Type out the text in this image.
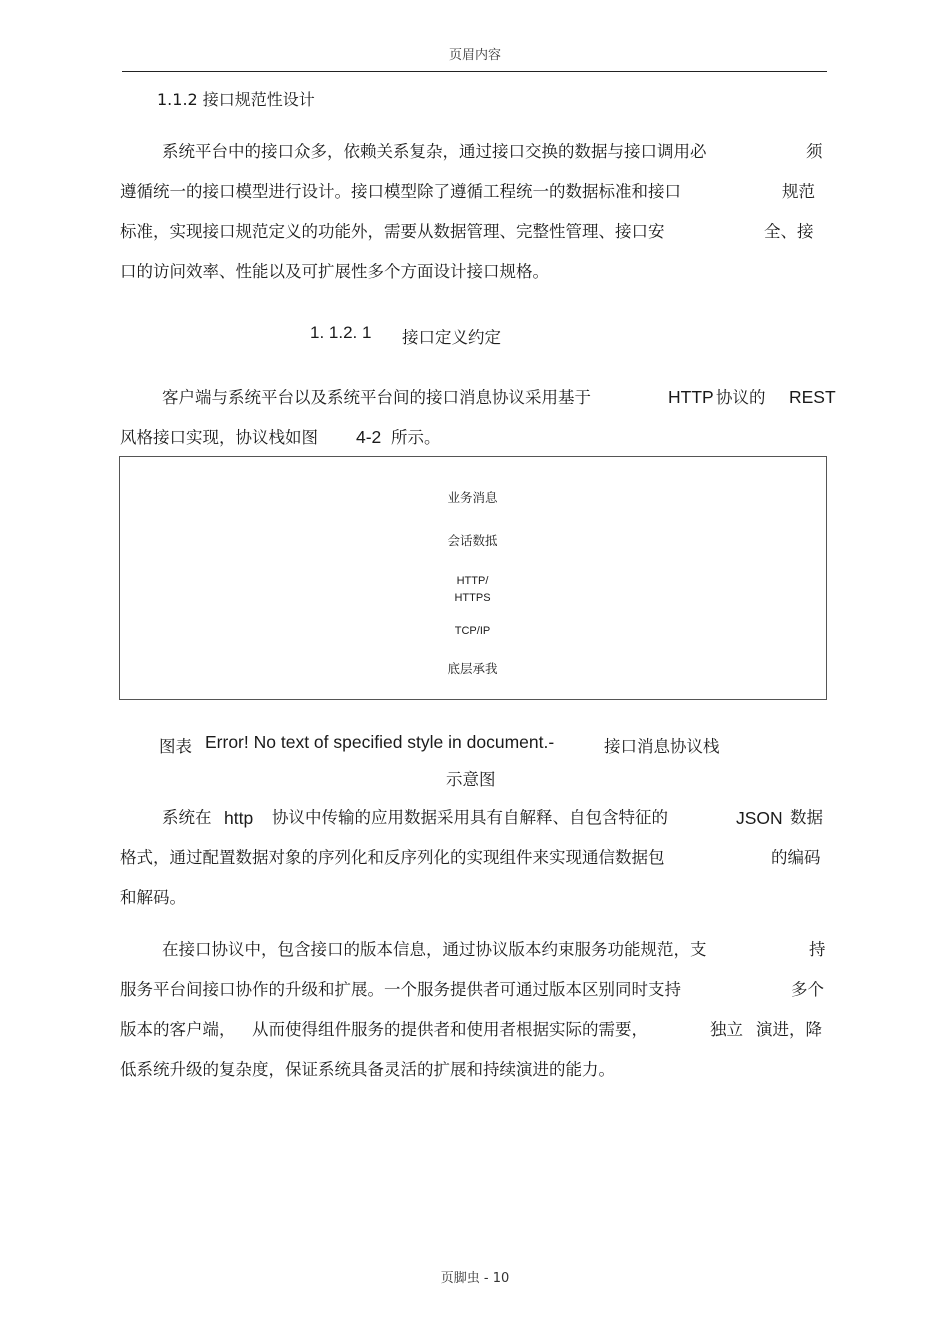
页眉内容
1.1.2 接口规范性设计
系统平台中的接口众多，依赖关系复杂，通过接口交换的数据与接口调用必	须
遵循统一的接口模型进行设计。接口模型除了遵循工程统一的数据标准和接口	规范
标准，实现接口规范定义的功能外，需要从数据管理、完整性管理、接口安	全、接
口的访问效率、性能以及可扩展性多个方面设计接口规格。
1. 1.2. 1 接口定义约定
客户端与系统平台以及系统平台间的接口消息协议采用基于	HTTP 协议的 REST
风格接口实现，协议栈如图 4-2 所示。
业务消息
会话数抵
HTTP/
HTTPS
TCP/IP
底层承我
图表 Error! No text of specified style in document.-	接口消息协议栈
示意图
系统在 http 协议中传输的应用数据采用具有自解释、自包含特征的	JSON 数据
格式，通过配置数据对象的序列化和反序列化的实现组件来实现通信数据包	的编码
和解码。
在接口协议中，包含接口的版本信息，通过协议版本约束服务功能规范，支	持
服务平台间接口协作的升级和扩展。一个服务提供者可通过版本区别同时支持	多个
版本的客户端， 从而使得组件服务的提供者和使用者根据实际的需要，	独立 演进，降
低系统升级的复杂度，保证系统具备灵活的扩展和持续演进的能力。
页脚虫 - 10
